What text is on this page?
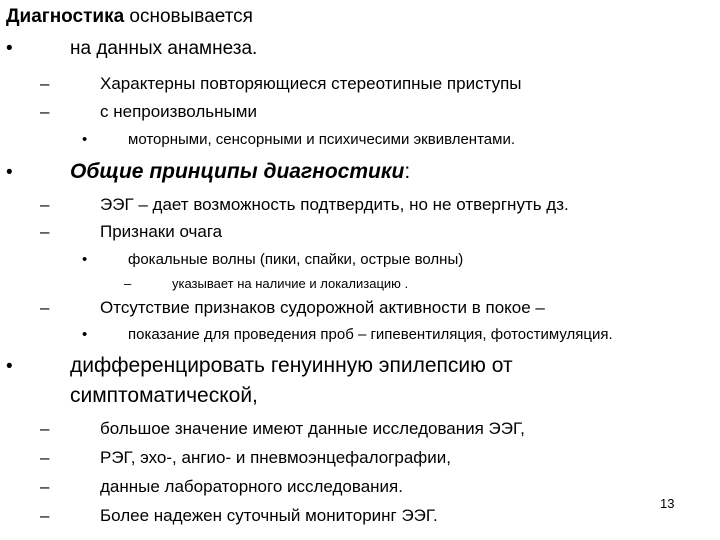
Диагностика основывается
•	на данных анамнеза.
–	Характерны повторяющиеся стереотипные приступы
–	с непроизвольными
•	моторными, сенсорными и психичесими эквивлентами.
•	Общие принципы диагностики:
–	ЭЭГ – дает возможность подтвердить, но не отвергнуть дз.
–	Признаки очага
•	фокальные волны (пики, спайки, острые волны)
–	указывает на наличие и локализацию .
–	Отсутствие признаков судорожной активности в покое –
•	показание для проведения проб – гипевентиляция, фотостимуляция.
•	дифференцировать генуинную эпилепсию от
симптоматической,
–	большое значение имеют данные исследования ЭЭГ,
–	РЭГ, эхо-, ангио- и пневмоэнцефалографии,
–	данные лабораторного исследования.
–	Более надежен суточный мониторинг ЭЭГ.
13
